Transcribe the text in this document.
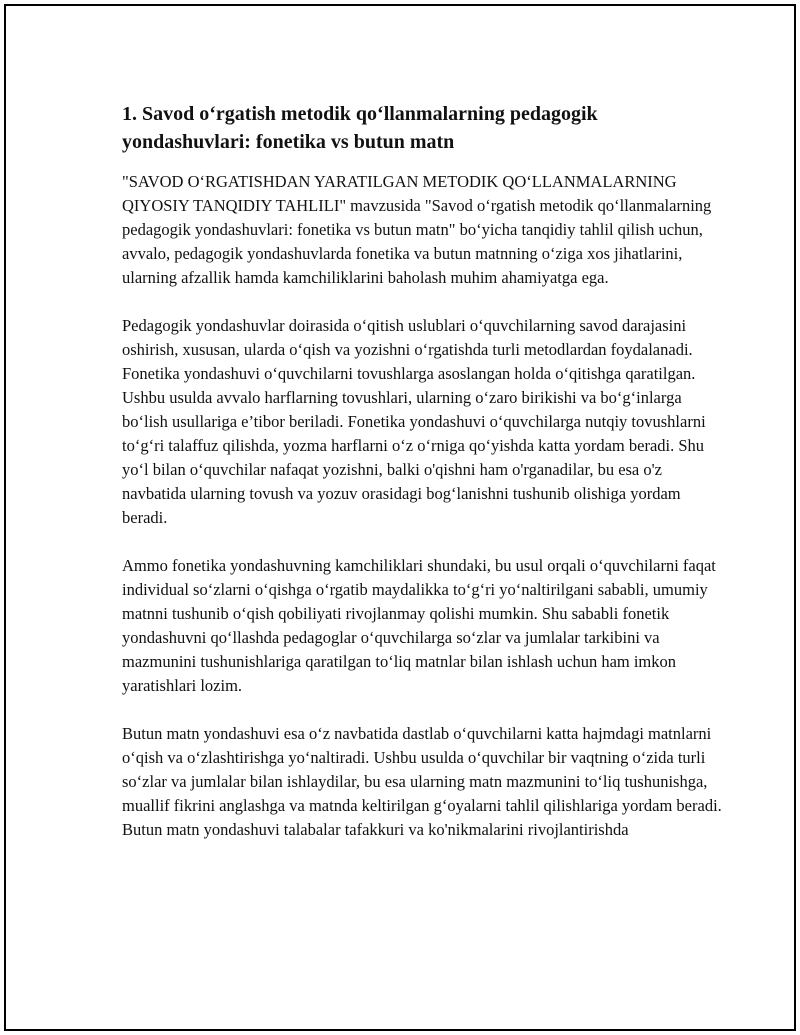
1. Savod o‘rgatish metodik qo‘llanmalarning pedagogik yondashuvlari: fonetika vs butun matn

"SAVOD O‘RGATISHDAN YARATILGAN METODIK QO‘LLANMALARNING QIYOSIY TANQIDIY TAHLILI" mavzusida "Savod o‘rgatish metodik qo‘llanmalarning pedagogik yondashuvlari: fonetika vs butun matn" bo‘yicha tanqidiy tahlil qilish uchun, avvalo, pedagogik yondashuvlarda fonetika va butun matnning o‘ziga xos jihatlarini, ularning afzallik hamda kamchiliklarini baholash muhim ahamiyatga ega.

Pedagogik yondashuvlar doirasida o‘qitish uslublari o‘quvchilarning savod darajasini oshirish, xususan, ularda o‘qish va yozishni o‘rgatishda turli metodlardan foydalanadi. Fonetika yondashuvi o‘quvchilarni tovushlarga asoslangan holda o‘qitishga qaratilgan. Ushbu usulda avvalo harflarning tovushlari, ularning o‘zaro birikishi va bo‘g‘inlarga bo‘lish usullariga e’tibor beriladi. Fonetika yondashuvi o‘quvchilarga nutqiy tovushlarni to‘g‘ri talaffuz qilishda, yozma harflarni o‘z o‘rniga qo‘yishda katta yordam beradi. Shu yo‘l bilan o‘quvchilar nafaqat yozishni, balki o'qishni ham o'rganadilar, bu esa o'z navbatida ularning tovush va yozuv orasidagi bog‘lanishni tushunib olishiga yordam beradi.

Ammo fonetika yondashuvning kamchiliklari shundaki, bu usul orqali o‘quvchilarni faqat individual so‘zlarni o‘qishga o‘rgatib maydalikka to‘g‘ri yo‘naltirilgani sababli, umumiy matnni tushunib o‘qish qobiliyati rivojlanmay qolishi mumkin. Shu sababli fonetik yondashuvni qo‘llashda pedagoglar o‘quvchilarga so‘zlar va jumlalar tarkibini va mazmunini tushunishlariga qaratilgan to‘liq matnlar bilan ishlash uchun ham imkon yaratishlari lozim.

Butun matn yondashuvi esa o‘z navbatida dastlab o‘quvchilarni katta hajmdagi matnlarni o‘qish va o‘zlashtirishga yo‘naltiradi. Ushbu usulda o‘quvchilar bir vaqtning o‘zida turli so‘zlar va jumlalar bilan ishlaydilar, bu esa ularning matn mazmunini to‘liq tushunishga, muallif fikrini anglashga va matnda keltirilgan g‘oyalarni tahlil qilishlariga yordam beradi. Butun matn yondashuvi talabalar tafakkuri va ko'nikmalarini rivojlantirishda
